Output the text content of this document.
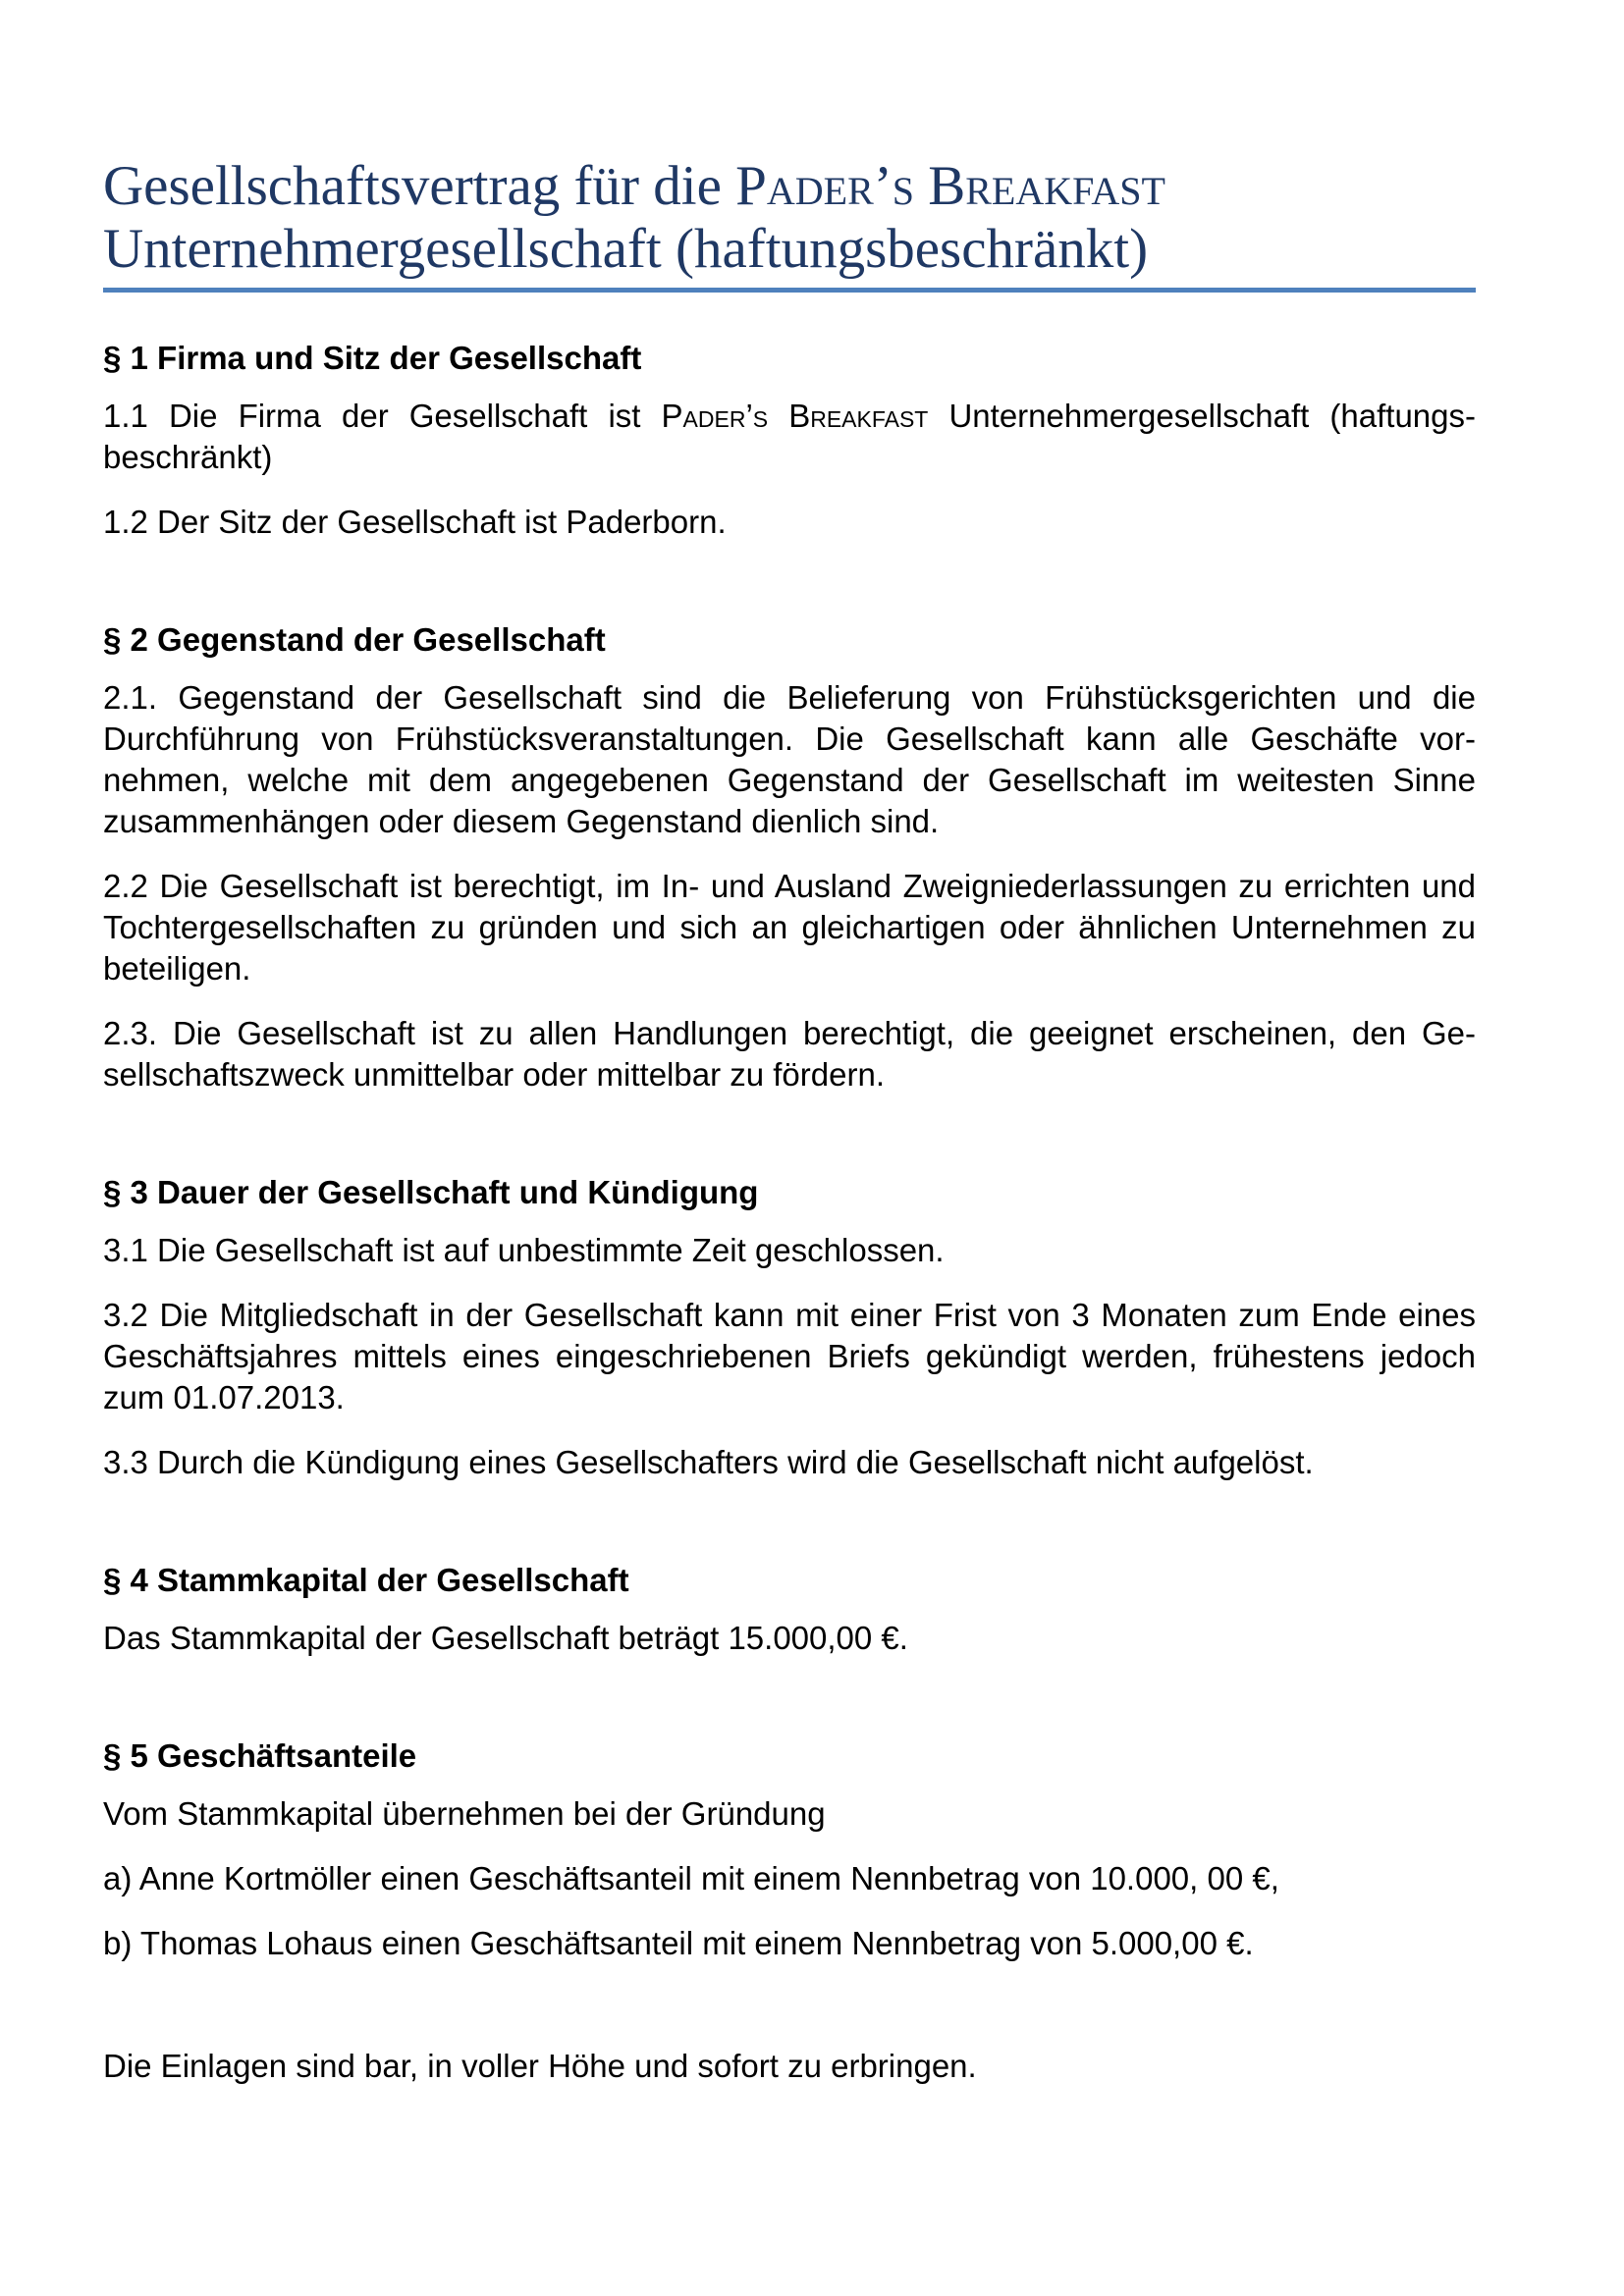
Gesellschaftsvertrag für die Pader’s Breakfast Unternehmergesellschaft (haftungsbeschränkt)
§ 1 Firma und Sitz der Gesellschaft

1.1 Die Firma der Gesellschaft ist Pader’s Breakfast Unternehmergesellschaft (haftungsbeschränkt)

1.2 Der Sitz der Gesellschaft ist Paderborn.

§ 2 Gegenstand der Gesellschaft

2.1. Gegenstand der Gesellschaft sind die Belieferung von Frühstücksgerichten und die Durchführung von Frühstücksveranstaltungen. Die Gesellschaft kann alle Geschäfte vornehmen, welche mit dem angegebenen Gegenstand der Gesellschaft im weitesten Sinne zusammenhängen oder diesem Gegenstand dienlich sind.

2.2 Die Gesellschaft ist berechtigt, im In- und Ausland Zweigniederlassungen zu errichten und Tochtergesellschaften zu gründen und sich an gleichartigen oder ähnlichen Unternehmen zu beteiligen.

2.3. Die Gesellschaft ist zu allen Handlungen berechtigt, die geeignet erscheinen, den Gesellschaftszweck unmittelbar oder mittelbar zu fördern.

§ 3 Dauer der Gesellschaft und Kündigung

3.1 Die Gesellschaft ist auf unbestimmte Zeit geschlossen.

3.2 Die Mitgliedschaft in der Gesellschaft kann mit einer Frist von 3 Monaten zum Ende eines Geschäftsjahres mittels eines eingeschriebenen Briefs gekündigt werden, frühestens jedoch zum 01.07.2013.

3.3 Durch die Kündigung eines Gesellschafters wird die Gesellschaft nicht aufgelöst.

§ 4 Stammkapital der Gesellschaft

Das Stammkapital der Gesellschaft beträgt 15.000,00 €.

§ 5 Geschäftsanteile

Vom Stammkapital übernehmen bei der Gründung

a) Anne Kortmöller einen Geschäftsanteil mit einem Nennbetrag von 10.000, 00 €,

b) Thomas Lohaus einen Geschäftsanteil mit einem Nennbetrag von 5.000,00 €.

Die Einlagen sind bar, in voller Höhe und sofort zu erbringen.
